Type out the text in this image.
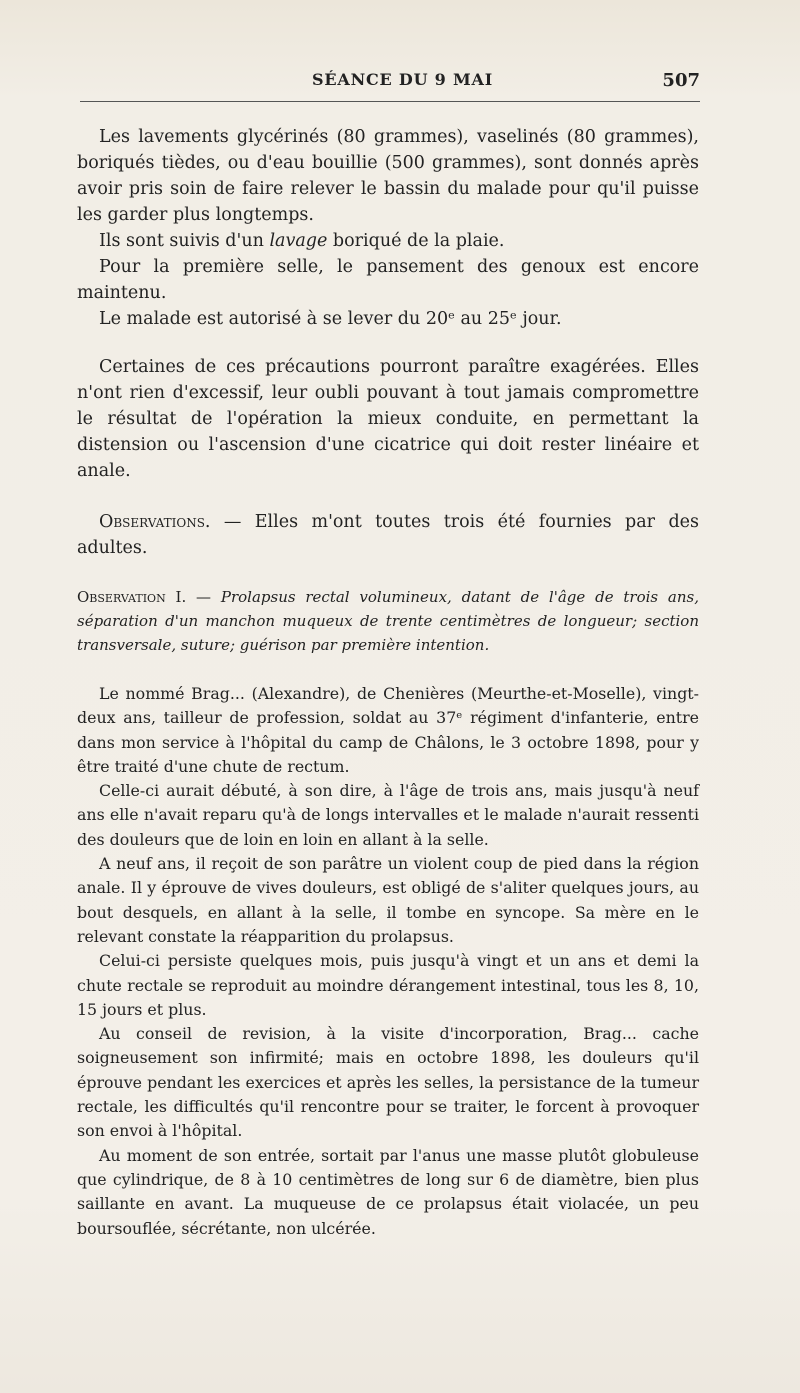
SÉANCE DU 9 MAI	507

Les lavements glycérinés (80 grammes), vaselinés (80 grammes), boriqués tièdes, ou d'eau bouillie (500 grammes), sont donnés après avoir pris soin de faire relever le bassin du malade pour qu'il puisse les garder plus longtemps.

Ils sont suivis d'un lavage boriqué de la plaie.

Pour la première selle, le pansement des genoux est encore maintenu.

Le malade est autorisé à se lever du 20ᵉ au 25ᵉ jour.

Certaines de ces précautions pourront paraître exagérées. Elles n'ont rien d'excessif, leur oubli pouvant à tout jamais compromettre le résultat de l'opération la mieux conduite, en permettant la distension ou l'ascension d'une cicatrice qui doit rester linéaire et anale.

Observations. — Elles m'ont toutes trois été fournies par des adultes.

Observation I. — Prolapsus rectal volumineux, datant de l'âge de trois ans, séparation d'un manchon muqueux de trente centimètres de longueur; section transversale, suture; guérison par première intention.

Le nommé Brag... (Alexandre), de Chenières (Meurthe-et-Moselle), vingt-deux ans, tailleur de profession, soldat au 37ᵉ régiment d'infanterie, entre dans mon service à l'hôpital du camp de Châlons, le 3 octobre 1898, pour y être traité d'une chute de rectum.

Celle-ci aurait débuté, à son dire, à l'âge de trois ans, mais jusqu'à neuf ans elle n'avait reparu qu'à de longs intervalles et le malade n'aurait ressenti des douleurs que de loin en loin en allant à la selle.

A neuf ans, il reçoit de son parâtre un violent coup de pied dans la région anale. Il y éprouve de vives douleurs, est obligé de s'aliter quelques jours, au bout desquels, en allant à la selle, il tombe en syncope. Sa mère en le relevant constate la réapparition du prolapsus.

Celui-ci persiste quelques mois, puis jusqu'à vingt et un ans et demi la chute rectale se reproduit au moindre dérangement intestinal, tous les 8, 10, 15 jours et plus.

Au conseil de revision, à la visite d'incorporation, Brag... cache soigneusement son infirmité; mais en octobre 1898, les douleurs qu'il éprouve pendant les exercices et après les selles, la persistance de la tumeur rectale, les difficultés qu'il rencontre pour se traiter, le forcent à provoquer son envoi à l'hôpital.

Au moment de son entrée, sortait par l'anus une masse plutôt globuleuse que cylindrique, de 8 à 10 centimètres de long sur 6 de diamètre, bien plus saillante en avant. La muqueuse de ce prolapsus était violacée, un peu boursouflée, sécrétante, non ulcérée.
